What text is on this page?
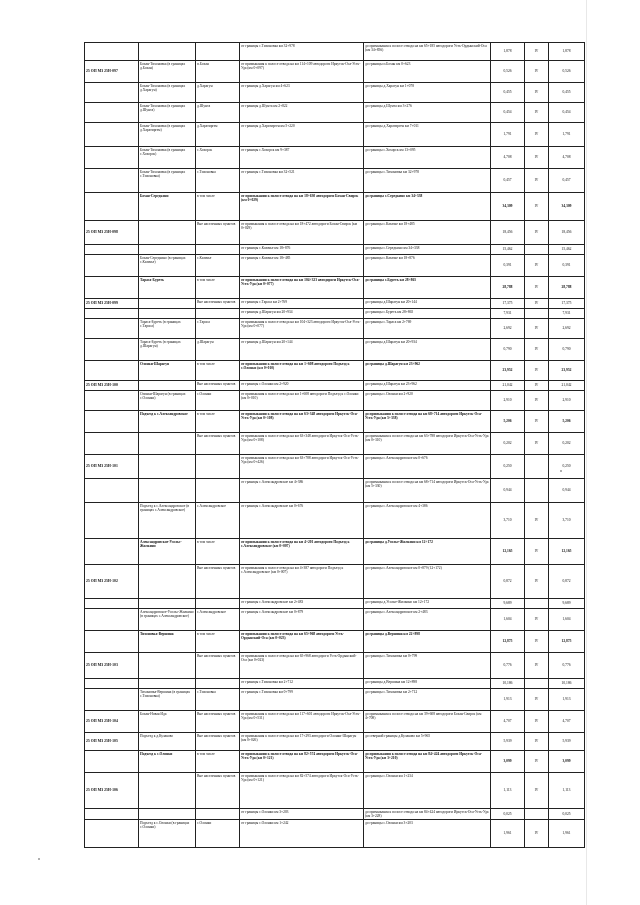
			от границы с.Тихоновка км 32+978	до примыкания к полосе отвода на км 65+185 автодороги Усть-Ордынский-Оса (км 34+856)	1,878	IV	1,878
25 ОП МЗ 25Н-097	Бохан-Тихоновка (в границах д.Бохан)	п.Бохан	от примыкания к полосе отвода на км 114+109 автодороги Иркутск-Оса-Усть-Уда (км 0+097)	до границы п.Бохан км 0+623	0,526	IV	0,526
	Бохан-Тихоновка (в границах д.Харагун)	д.Харагун	от границы д.Харагун км 4+623	до границы д.Харагун км 1+078	0,455	IV	0,455
	Бохан-Тихоновка (в границах д.Шунта)	д.Шунта	от границы д.Шунта км 2+822	до границы д.Шунта км 3+276	0,454	IV	0,454
	Бохан-Тихоновка (в границах д.Харатирген)	д.Харатирген	от границы д.Харатирген км 5+220	до границы д.Харатирген км 7+011	1,791	IV	1,791
	Бохан-Тихоновка (в границах с.Хохорск)	с.Хохорск	от границы с.Хохорск км 9+387	до границы с.Хохорск км 13+095	4,708	IV	4,708
	Бохан-Тихоновка (в границах с.Тихоновка)	с.Тихоновка	от границы с.Тихоновка км 32+521	до границы с.Тихоновка км 32+978	0,457	IV	0,457
	Бохан-Середкино	в том числе	от примыкания к полосе отвода на км 18+630 автодороги Бохан-Свирск (км 0+029)	до границы с.Середкино км 34+338	34,309	IV	34,309
25 ОП МЗ 25Н-098		Вне населенных пунктов	от примыкания к полосе отвода на км 18+472 автодороги Бохан-Свирск (км 0+029)	до границы с.Казачье км 18+485	18,456	IV	18,456
			от границы с.Казачье км 18+876	до границы с.Середкино км 34+338	15,462		15,462
	Бохан-Середкино (в границах с.Казачье)	с.Казачье	от границы с.Казачье км 18+485	до границы с.Казачье км 18+876	0,391	IV	0,391
	Тараса-Буреть	в том числе	от примыкания к полосе отвода на км 104+323 автодороги Иркутск-Оса-Усть-Уда (км 0+077)	до границы с.Буреть км 28+865	28,788	IV	28,788
25 ОП МЗ 25Н-099		Вне населенных пунктов	от границы с.Тараса км 2+769	до границы д.Шарагун км 20+144	17,375	IV	17,375
			от границы д.Шарагун км 20+934	до границы с.Буреть км 28+865	7,931		7,931
	Тараса-Буреть (в границах с.Тараса)	с.Тараса	от примыкания к полосе отвода на км 104+323 автодороги Иркутск-Оса-Усть-Уда (км 0+077)	до границы с.Тараса км 2+769	2,692	IV	2,692
	Тараса-Буреть (в границах д.Шарагун)	д.Шарагун	от границы д.Шарагун км 20+144	до границы д.Шарагун км 20+934	0,790	IV	0,790
	Олонки-Шарагун	в том числе	от примыкания к полосе отвода на км 1+608 автодороги Подъезд к с.Олонки (км 0+010)	до границы д.Шарагун км 23+962	23,952	IV	23,952
25 ОП МЗ 25Н-100		Вне населенных пунктов	от границы с.Олонки км 2+920	до границы д.Шарагун км 23+962	21,042	IV	21,042
	Олонки-Шарагун (в границах с.Олонки)	с.Олонки	от примыкания к полосе отвода на км 1+608 автодороги Подъезд к с.Олонки (км 0+010)	до границы с.Олонки км 2+920	2,910	IV	2,910
	Подъезд к с.Александровское	в том числе	от примыкания к полосе отвода на км 63+348 автодороги Иркутск-Оса-Усть-Уда (км 0+108)	до примыкания к полосе отвода на км 68+714 автодороги Иркутск-Оса-Усть-Уда (км 5+338)	5,206	IV	5,206
		Вне населенных пунктов	от примыкания к полосе отвода на км 63+348 автодороги Иркутск-Оса-Усть-Уда (км 0+108)	до примыкания к полосе отвода на км 63+788 автодороги Иркутск-Оса-Усть-Уда (км 0+310)	0,202	IV	0,202
25 ОП МЗ 25Н-101			от примыкания к полосе отвода на км 63+788 автодороги Иркутск-Оса-Усть-Уда (км 0+426)	до границы с.Александровское км 0+676	0,250		0,250
			от границы с.Александровское км 4+386	до примыкания к полосе отвода на км 68+714 автодороги Иркутск-Оса-Усть-Уда (км 5+330)	0,944		0,944
	Подъезд к с.Александровское (в границах с.Александровское)	с.Александровское	от границы с.Александровское км 0+676	до границы с.Александровское км 4+386	3,710	IV	3,710
	Александровское-Усольс-Жилкино	в том числе	от примыкания к полосе отвода на км 4+201 автодороги Подъезд к с.Александровское (км 0+007)	до границы д.Усолье-Жилкино км 12+172	12,165	IV	12,165
25 ОП МЗ 25Н-102		Вне населенных пунктов	от примыкания к полосе отвода на км 4+387 автодороги Подъезд к с.Александровское (км 0+007)	до границы с.Александровское км 0+879 (12+172)	0,872	IV	0,872
			от границы с.Александровское км 2+483	до границы д.Усолье-Жилкино км 12+172	9,689		9,689
	Александровское-Усольс-Жилкино (в границах с.Александровское)	с.Александровское	от границы с.Александровское км 0+879	до границы с.Александровское км 2+483	1,604	IV	1,604
	Тихоновка-Вершина	в том числе	от примыкания к полосе отвода на км 65+968 автодороги Усть-Ордынский-Оса (км 0+023)	до границы д.Вершина км 22+898	12,875	IV	12,875
25 ОП МЗ 25Н-103		Вне населенных пунктов	от примыкания к полосе отвода на км 65+968 автодороги Усть-Ордынский-Оса (км 0+023)	до границы с.Тихоновка км 0+799	0,776	IV	0,776
			от границы с.Тихоновка км 2+712	до границы д.Вершина км 12+898	10,186		10,186
	Тихоновка-Вершина (в границах с.Тихоновка)	с.Тихоновка	от границы с.Тихоновка км 0+799	до границы с.Тихоновка км 2+712	1,913	IV	1,913
25 ОП МЗ 25Н-104	Бохан-Новая Ида	Вне населенных пунктов	от примыкания к полосе отвода на км 117+601 автодороги Иркутск-Оса-Усть-Уда (км 0+531)	до примыкания к полосе отвода на км 39+608 автодороги Бохан-Свирск (км 4+708)	4,707	IV	4,707
25 ОП МЗ 25Н-105	Подъезд к д.Кулаково	Вне населенных пунктов	от примыкания к полосе отвода на км 17+293 автодороги Олонки-Шарагун (км 0+026)	до северной границы д.Кулаково км 5+965	5,939	IV	5,939
	Подъезд к с.Олонки	в том числе	от примыкания к полосе отвода на км 82+574 автодороги Иркутск-Оса-Усть-Уда (км 0+121)	до примыкания к полосе отвода на км 84+424 автодороги Иркутск-Оса-Усть-Уда (км 3+210)	3,099	IV	3,099
25 ОП МЗ 25Н-106		Вне населенных пунктов	от примыкания к полосе отвода на км 82+574 автодороги Иркутск-Оса-Усть-Уда (км 0+121)	до границы с.Олонки км 1+234	1,113	IV	1,113
			от границы с.Олонки км 3+203	до примыкания к полосе отвода на км 84+424 автодороги Иркутск-Оса-Усть-Уда (км 3+228)	0,025		0,025
	Подъезд к с.Олонки (в границах с.Олонки)	с.Олонки	от границы с.Олонки км 1+242	до границы с.Олонки км 3+203	1,961	IV	1,961
